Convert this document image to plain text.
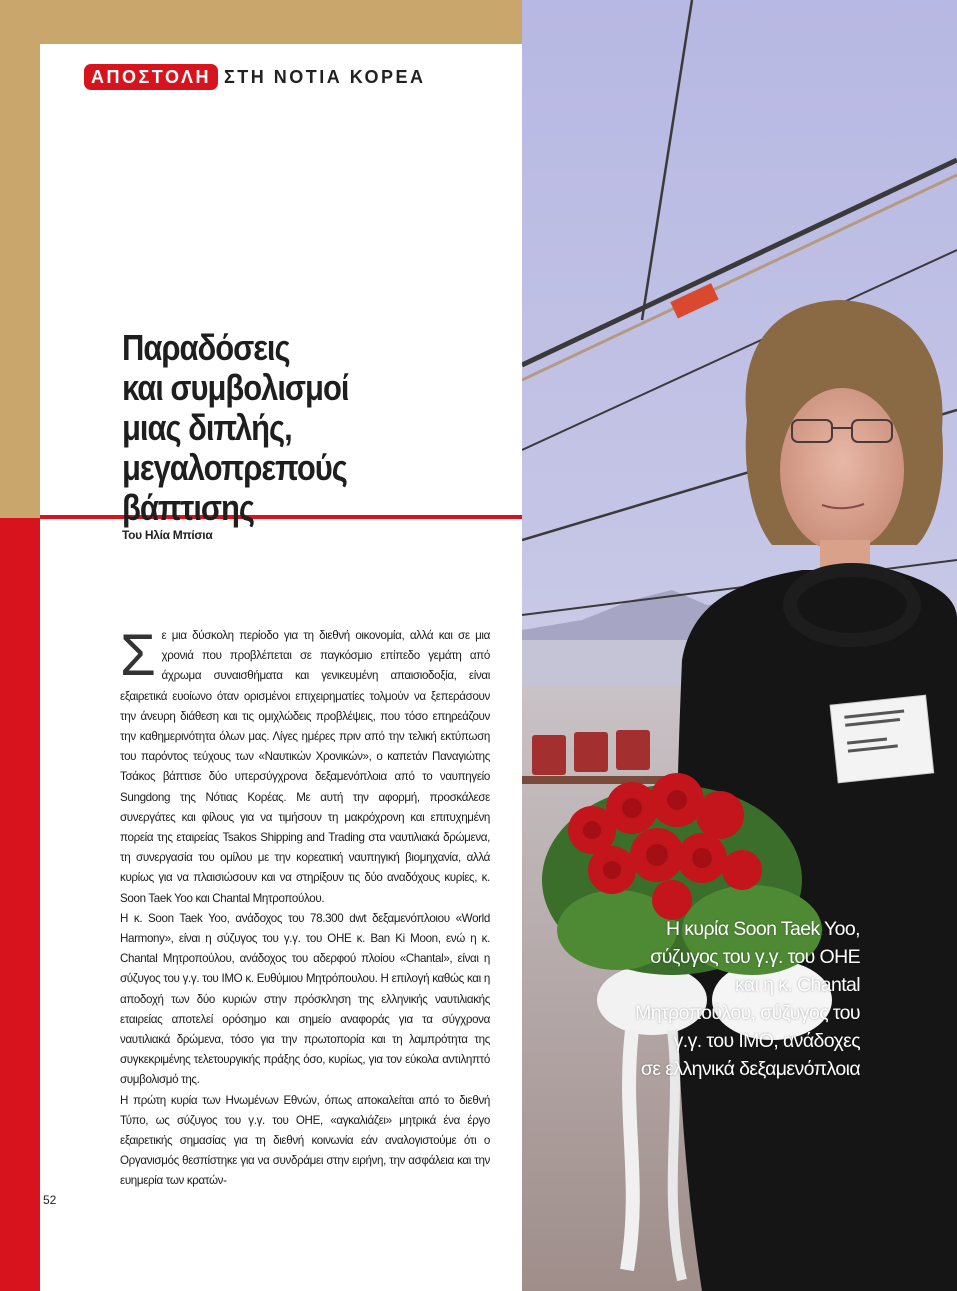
ΑΠΟΣΤΟΛΗ ΣΤΗ ΝΟΤΙΑ ΚΟΡΕΑ
Παραδόσεις
και συμβολισμοί
μιας διπλής,
μεγαλοπρεπούς βάπτισης
Του Ηλία Μπίσια

Σε μια δύσκολη περίοδο για τη διεθνή οικονομία, αλλά και σε μια χρονιά που προβλέπεται σε παγκόσμιο επίπεδο γεμάτη από άχρωμα συναισθήματα και γενικευμένη απαισιοδοξία, είναι εξαιρετικά ευοίωνο όταν ορισμένοι επιχειρηματίες τολμούν να ξεπεράσουν την άνευρη διάθεση και τις ομιχλώδεις προβλέψεις, που τόσο επηρεάζουν την καθημερινότητα όλων μας. Λίγες ημέρες πριν από την τελική εκτύπωση του παρόντος τεύχους των «Ναυτικών Χρονικών», ο καπετάν Παναγιώτης Τσάκος βάπτισε δύο υπερσύγχρονα δεξαμενόπλοια από το ναυπηγείο Sungdong της Νότιας Κορέας. Με αυτή την αφορμή, προσκάλεσε συνεργάτες και φίλους για να τιμήσουν τη μακρόχρονη και επιτυχημένη πορεία της εταιρείας Tsakos Shipping and Trading στα ναυτιλιακά δρώμενα, τη συνεργασία του ομίλου με την κορεατική ναυπηγική βιομηχανία, αλλά κυρίως για να πλαισιώσουν και να στηρίξουν τις δύο αναδόχους κυρίες, κ. Soon Taek Yoo και Chantal Μητροπούλου.

Η κ. Soon Taek Yoo, ανάδοχος του 78.300 dwt δεξαμενόπλοιου «World Harmony», είναι η σύζυγος του γ.γ. του ΟΗΕ κ. Ban Ki Moon, ενώ η κ. Chantal Μητροπούλου, ανάδοχος του αδερφού πλοίου «Chantal», είναι η σύζυγος του γ.γ. του ΙΜΟ κ. Ευθύμιου Μητρόπουλου. Η επιλογή καθώς και η αποδοχή των δύο κυριών στην πρόσκληση της ελληνικής ναυτιλιακής εταιρείας αποτελεί ορόσημο και σημείο αναφοράς για τα σύγχρονα ναυτιλιακά δρώμενα, τόσο για την πρωτοπορία και τη λαμπρότητα της συγκεκριμένης τελετουργικής πράξης όσο, κυρίως, για τον εύκολα αντιληπτό συμβολισμό της.

Η πρώτη κυρία των Ηνωμένων Εθνών, όπως αποκαλείται από το διεθνή Τύπο, ως σύζυγος του γ.γ. του ΟΗΕ, «αγκαλιάζει» μητρικά ένα έργο εξαιρετικής σημασίας για τη διεθνή κοινωνία εάν αναλογιστούμε ότι ο Οργανισμός θεσπίστηκε για να συνδράμει στην ειρήνη, την ασφάλεια και την ευημερία των κρατών-

52
Η κυρία Soon Taek Yoo,
σύζυγος του γ.γ. του ΟΗΕ
και η κ. Chantal
Μητροπούλου, σύζυγος του
γ.γ. του ΙΜΟ, ανάδοχες
σε ελληνικά δεξαμενόπλοια
